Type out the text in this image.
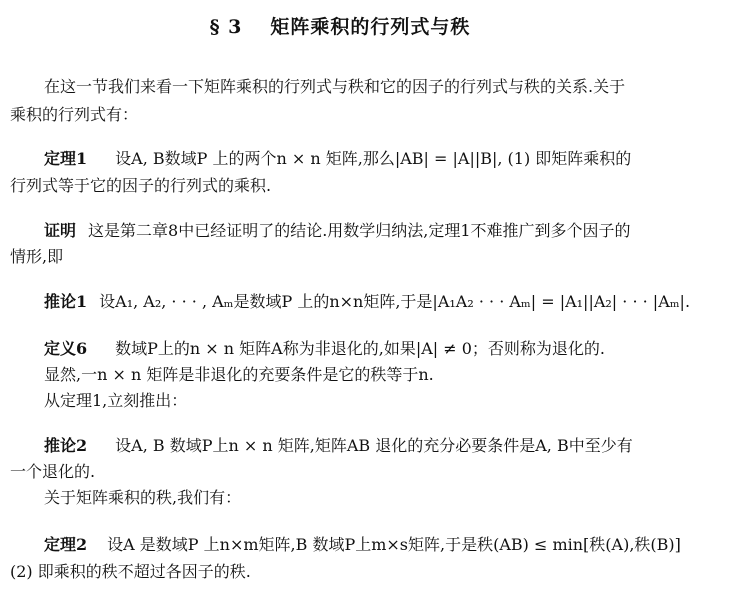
§ 3 矩阵乘积的行列式与秩
在这一节我们来看一下矩阵乘积的行列式与秩和它的因子的行列式与秩的关系.关于
乘积的行列式有：
定理1 设A, B数域P 上的两个n × n 矩阵,那么|AB| = |A||B|, (1) 即矩阵乘积的
行列式等于它的因子的行列式的乘积.
证明 这是第二章8中已经证明了的结论.用数学归纳法,定理1不难推广到多个因子的
情形,即
推论1 设A₁, A₂, · · · , Aₘ是数域P 上的n×n矩阵,于是|A₁A₂ · · · Aₘ| = |A₁||A₂| · · · |Aₘ|.
定义6 数域P上的n × n 矩阵A称为非退化的,如果|A| ≠ 0；否则称为退化的.
显然,一n × n 矩阵是非退化的充要条件是它的秩等于n.
从定理1,立刻推出：
推论2 设A, B 数域P上n × n 矩阵,矩阵AB 退化的充分必要条件是A, B中至少有
一个退化的.
关于矩阵乘积的秩,我们有：
定理2 设A 是数域P 上n×m矩阵,B 数域P上m×s矩阵,于是秩(AB) ≤ min[秩(A),秩(B)]
(2) 即乘积的秩不超过各因子的秩.
